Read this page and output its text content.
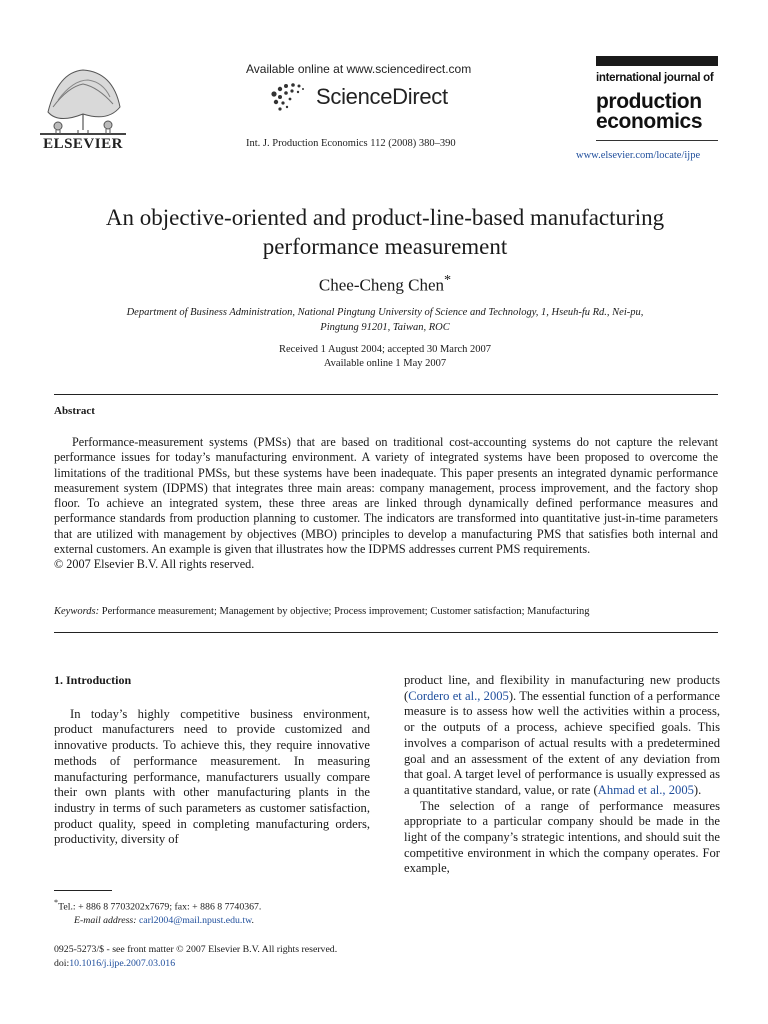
ELSEVIER
Available online at www.sciencedirect.com
ScienceDirect
Int. J. Production Economics 112 (2008) 380–390
international journal of
production
economics
www.elsevier.com/locate/ijpe
An objective-oriented and product-line-based manufacturing
performance measurement
Chee-Cheng Chen*
Department of Business Administration, National Pingtung University of Science and Technology, 1, Hseuh-fu Rd., Nei-pu,
Pingtung 91201, Taiwan, ROC
Received 1 August 2004; accepted 30 March 2007
Available online 1 May 2007
Abstract

Performance-measurement systems (PMSs) that are based on traditional cost-accounting systems do not capture the relevant performance issues for today’s manufacturing environment. A variety of integrated systems have been proposed to overcome the limitations of the traditional PMSs, but these systems have been inadequate. This paper presents an integrated dynamic performance measurement system (IDPMS) that integrates three main areas: company management, process improvement, and the factory shop floor. To achieve an integrated system, these three areas are linked through dynamically defined performance measures and performance standards from production planning to customer. The indicators are transformed into quantitative just-in-time parameters that are utilized with management by objectives (MBO) principles to develop a manufacturing PMS that satisfies both internal and external customers. An example is given that illustrates how the IDPMS addresses current PMS requirements.

© 2007 Elsevier B.V. All rights reserved.
Keywords: Performance measurement; Management by objective; Process improvement; Customer satisfaction; Manufacturing
1. Introduction

In today’s highly competitive business environment, product manufacturers need to provide customized and innovative products. To achieve this, they require innovative methods of performance measurement. In measuring manufacturing performance, manufacturers usually compare their own plants with other manufacturing plants in the industry in terms of such parameters as customer satisfaction, product quality, speed in completing manufacturing orders, productivity, diversity of

product line, and flexibility in manufacturing new products (Cordero et al., 2005). The essential function of a performance measure is to assess how well the activities within a process, or the outputs of a process, achieve specified goals. This involves a comparison of actual results with a predetermined goal and an assessment of the extent of any deviation from that goal. A target level of performance is usually expressed as a quantitative standard, value, or rate (Ahmad et al., 2005).

The selection of a range of performance measures appropriate to a particular company should be made in the light of the company’s strategic intentions, and should suit the competitive environment in which the company operates. For example,

*Tel.: + 886 8 7703202x7679; fax: + 886 8 7740367.
E-mail address: carl2004@mail.npust.edu.tw.
0925-5273/$ - see front matter © 2007 Elsevier B.V. All rights reserved.
doi:10.1016/j.ijpe.2007.03.016
